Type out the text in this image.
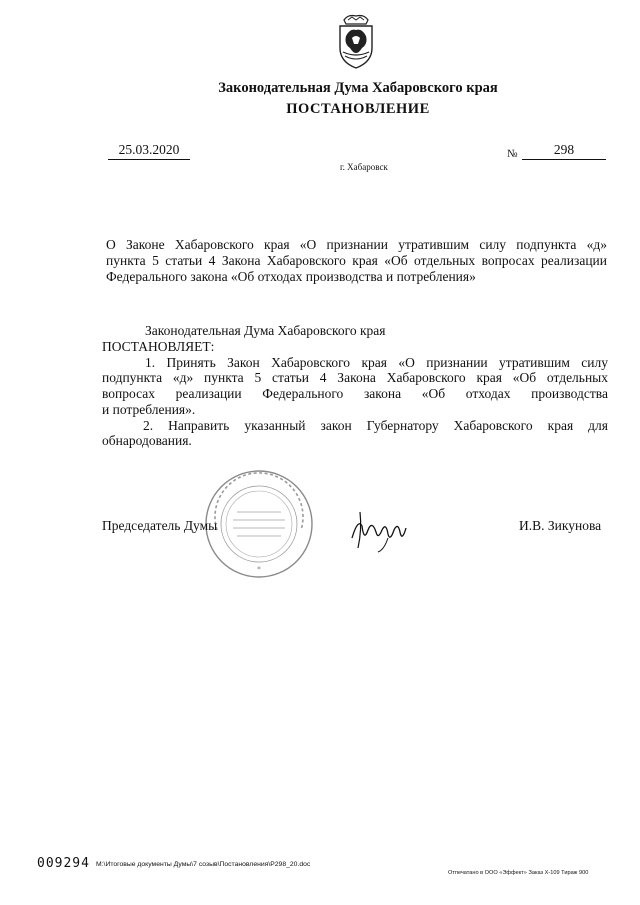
Законодательная Дума Хабаровского края
ПОСТАНОВЛЕНИЕ
25.03.2020	№	298
г. Хабаровск
О Законе Хабаровского края «О признании утратившим силу подпункта «д»
пункта 5 статьи 4 Закона Хабаровского края «Об отдельных вопросах реализации
Федерального закона «Об отходах производства и потребления»
Законодательная Дума Хабаровского края
ПОСТАНОВЛЯЕТ:
1. Принять Закон Хабаровского края «О признании утратившим силу
подпункта «д» пункта 5 статьи 4 Закона Хабаровского края «Об отдельных
вопросах реализации Федерального закона «Об отходах производства
и потребления».
2. Направить указанный закон Губернатору Хабаровского края для
обнародования.
*
Председатель Думы	И.В. Зикунова
009294 M:\Итоговые документы Думы\7 созыв\Постановления\P298_20.doc
Отпечатано в ООО «Эффект» Заказ Х-109 Тираж 900
